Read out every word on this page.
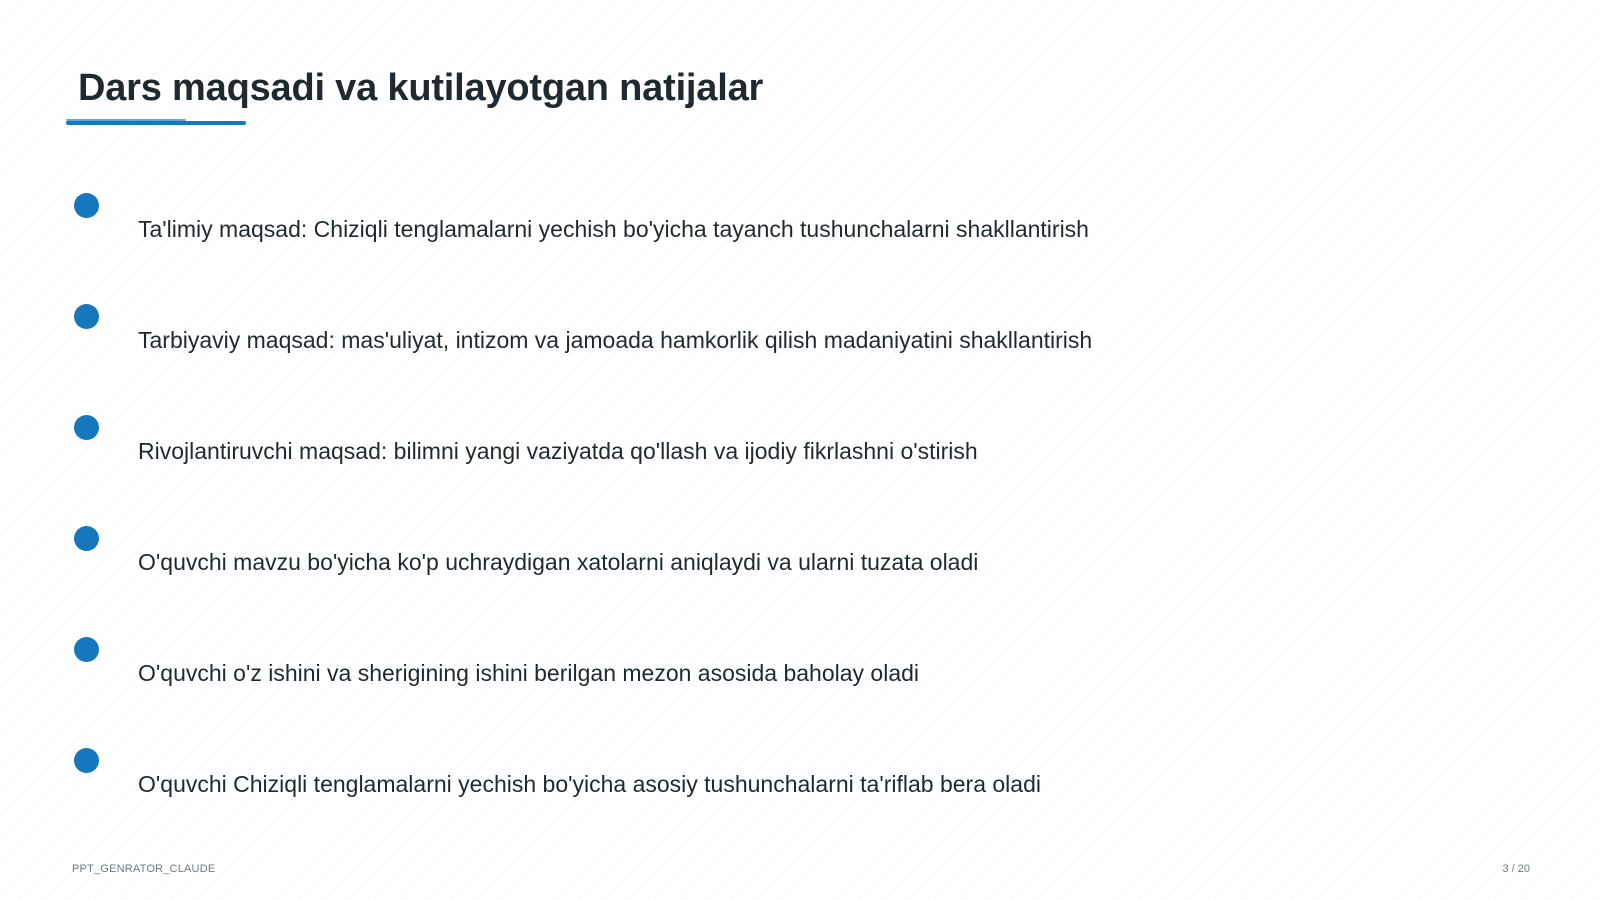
Dars maqsadi va kutilayotgan natijalar
Ta'limiy maqsad: Chiziqli tenglamalarni yechish bo'yicha tayanch tushunchalarni shakllantirish
Tarbiyaviy maqsad: mas'uliyat, intizom va jamoada hamkorlik qilish madaniyatini shakllantirish
Rivojlantiruvchi maqsad: bilimni yangi vaziyatda qo'llash va ijodiy fikrlashni o'stirish
O'quvchi mavzu bo'yicha ko'p uchraydigan xatolarni aniqlaydi va ularni tuzata oladi
O'quvchi o'z ishini va sherigining ishini berilgan mezon asosida baholay oladi
O'quvchi Chiziqli tenglamalarni yechish bo'yicha asosiy tushunchalarni ta'riflab bera oladi
PPT_GENRATOR_CLAUDE	3 / 20
